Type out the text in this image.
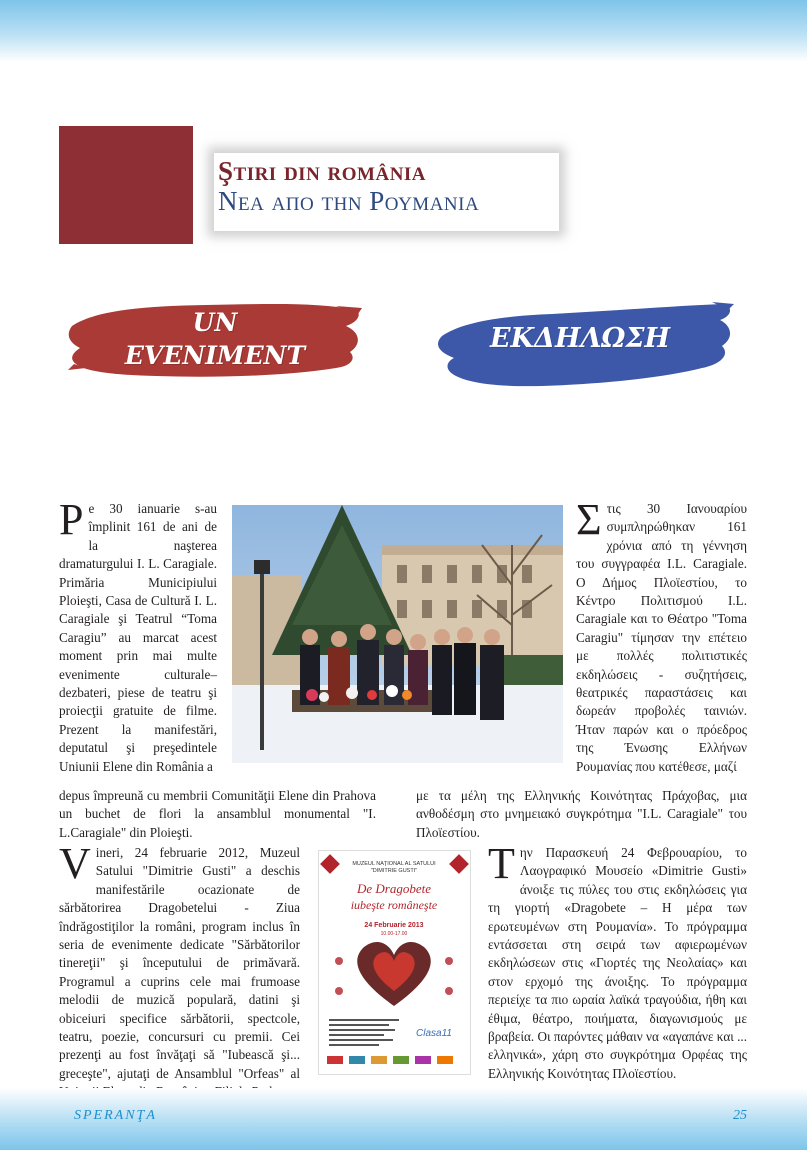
Ştiri din românia
Νεα απο την Ρουμανια
UN
EVENIMENT
ΕΚΔΗΛΩΣΗ

Pe 30 ianuarie s-au împlinit 161 de ani de la naşterea dramaturgului I. L. Caragiale. Primăria Municipiului Ploieşti, Casa de Cultură I. L. Caragiale şi Teatrul “Toma Caragiu” au marcat acest moment prin mai multe evenimente culturale–dezbateri, piese de teatru şi proiecţii gratuite de filme. Prezent la manifestări, deputatul şi preşedintele Uniunii Elene din România a

Στις 30 Ιανουαρίου συμπληρώθηκαν 161 χρόνια από τη γέννηση του συγγραφέα I.L. Caragiale. Ο Δήμος Πλοϊεστίου, το Κέντρο Πολιτισμού I.L. Caragiale και το Θέατρο "Toma Caragiu" τίμησαν την επέτειο με πολλές πολιτιστικές εκδηλώσεις - συζητήσεις, θεατρικές παραστάσεις και δωρεάν προβολές ταινιών. Ήταν παρών και ο πρόεδρος της Ένωσης Ελλήνων Ρουμανίας που κατέθεσε, μαζί

depus împreună cu membrii Comunităţii Elene din Prahova un buchet de flori la ansamblul monumental "I. L.Caragiale" din Ploieşti.

με τα μέλη της Ελληνικής Κοινότητας Πράχοβας, μια ανθοδέσμη στο μνημειακό συγκρότημα "I.L. Caragiale" του Πλοϊεστίου.

Vineri, 24 februarie 2012, Muzeul Satului "Dimitrie Gusti" a deschis manifestările ocazionate de sărbătorirea Dragobetelui - Ziua îndrăgostiţilor la români, program inclus în seria de evenimente dedicate "Sărbătorilor tinereţii" şi începutului de primăvară. Programul a cuprins cele mai frumoase melodii de muzică populară, datini şi obiceiuri specifice sărbătorii, spectcole, teatru, poezie, concursuri cu premii. Cei prezenţi au fost învăţaţi să "Iubească şi... greceşte", ajutaţi de Ansamblul "Orfeas" al

MUZEUL NAŢIONAL AL SATULUI
"DIMITRIE GUSTI"
De Dragobete
iubeşte româneşte
24 Februarie 2013
10.00-17.00
Clasa11

Την Παρασκευή 24 Φεβρουαρίου, το Λαογραφικό Μουσείο «Dimitrie Gusti» άνοιξε τις πύλες του στις εκδηλώσεις για τη γιορτή «Dragobete – Η μέρα των ερωτευμένων στη Ρουμανία». Το πρόγραμμα εντάσσεται στη σειρά των αφιερωμένων εκδηλώσεων στις «Γιορτές της Νεολαίας» και στον ερχομό της άνοιξης. Το πρόγραμμα περιείχε τα πιο ωραία λαϊκά τραγούδια, ήθη και έθιμα, θέατρο, ποιήματα, διαγωνισμούς με βραβεία. Οι παρόντες μάθαιν να «αγαπάνε και ... ελληνικά», χάρη στο συγκρότημα Ορφέας της Ελληνικής Κοινότητας Πλοϊεστίου.

SPERANŢA	25
